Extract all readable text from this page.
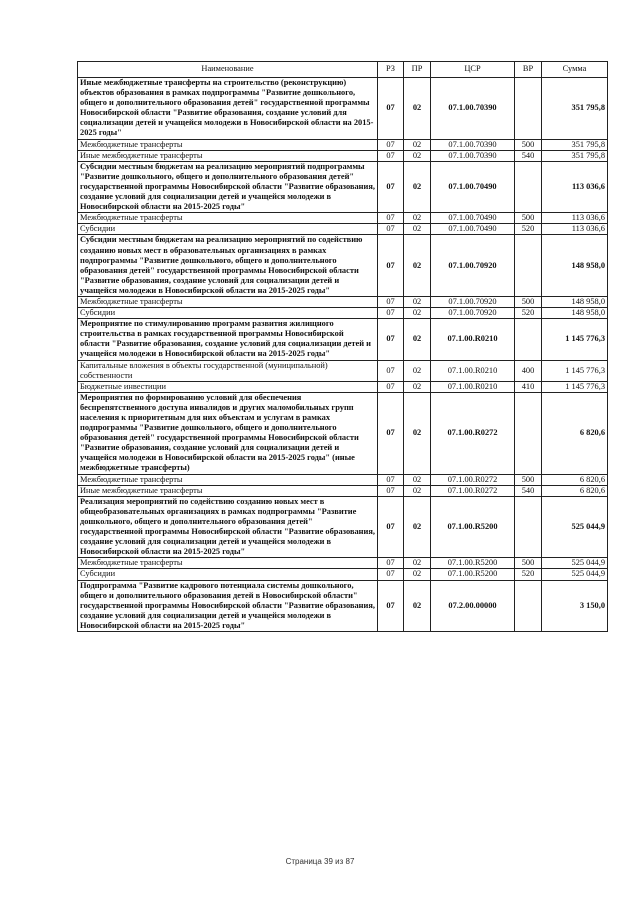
Наименование	РЗ	ПР	ЦСР	ВР	Сумма
Иные межбюджетные трансферты на строительство (реконструкцию) объектов образования в рамках подпрограммы "Развитие дошкольного, общего и дополнительного образования детей" государственной программы Новосибирской области "Развитие образования, создание условий для социализации детей и учащейся молодежи в Новосибирской области на 2015-2025 годы"	07	02	07.1.00.70390		351 795,8
Межбюджетные трансферты	07	02	07.1.00.70390	500	351 795,8
Иные межбюджетные трансферты	07	02	07.1.00.70390	540	351 795,8
Субсидии местным бюджетам на реализацию мероприятий подпрограммы "Развитие дошкольного, общего и дополнительного образования детей" государственной программы Новосибирской области "Развитие образования, создание условий для социализации детей и учащейся молодежи в Новосибирской области на 2015-2025 годы"	07	02	07.1.00.70490		113 036,6
Межбюджетные трансферты	07	02	07.1.00.70490	500	113 036,6
Субсидии	07	02	07.1.00.70490	520	113 036,6
Субсидии местным бюджетам на реализацию мероприятий по содействию созданию новых мест в образовательных организациях в рамках подпрограммы "Развитие дошкольного, общего и дополнительного образования детей" государственной программы Новосибирской области "Развитие образования, создание условий для социализации детей и учащейся молодежи в Новосибирской области на 2015-2025 годы"	07	02	07.1.00.70920		148 958,0
Межбюджетные трансферты	07	02	07.1.00.70920	500	148 958,0
Субсидии	07	02	07.1.00.70920	520	148 958,0
Мероприятие по стимулированию программ развития жилищного строительства в рамках государственной программы Новосибирской области "Развитие образования, создание условий для социализации детей и учащейся молодежи в Новосибирской области на 2015-2025 годы"	07	02	07.1.00.R0210		1 145 776,3
Капитальные вложения в объекты государственной (муниципальной) собственности	07	02	07.1.00.R0210	400	1 145 776,3
Бюджетные инвестиции	07	02	07.1.00.R0210	410	1 145 776,3
Мероприятия по формированию условий для обеспечения беспрепятственного доступа инвалидов и других маломобильных групп населения к приоритетным для них объектам и услугам в рамках подпрограммы "Развитие дошкольного, общего и дополнительного образования детей" государственной программы Новосибирской области "Развитие образования, создание условий для социализации детей и учащейся молодежи в Новосибирской области на 2015-2025 годы" (иные межбюджетные трансферты)	07	02	07.1.00.R0272		6 820,6
Межбюджетные трансферты	07	02	07.1.00.R0272	500	6 820,6
Иные межбюджетные трансферты	07	02	07.1.00.R0272	540	6 820,6
Реализация мероприятий по содействию созданию новых мест в общеобразовательных организациях в рамках подпрограммы "Развитие дошкольного, общего и дополнительного образования детей" государственной программы Новосибирской области "Развитие образования, создание условий для социализации детей и учащейся молодежи в Новосибирской области на 2015-2025 годы"	07	02	07.1.00.R5200		525 044,9
Межбюджетные трансферты	07	02	07.1.00.R5200	500	525 044,9
Субсидии	07	02	07.1.00.R5200	520	525 044,9
Подпрограмма "Развитие кадрового потенциала системы дошкольного, общего и дополнительного образования детей в Новосибирской области" государственной программы Новосибирской области "Развитие образования, создание условий для социализации детей и учащейся молодежи в Новосибирской области на 2015-2025 годы"	07	02	07.2.00.00000		3 150,0
Страница 39 из 87
